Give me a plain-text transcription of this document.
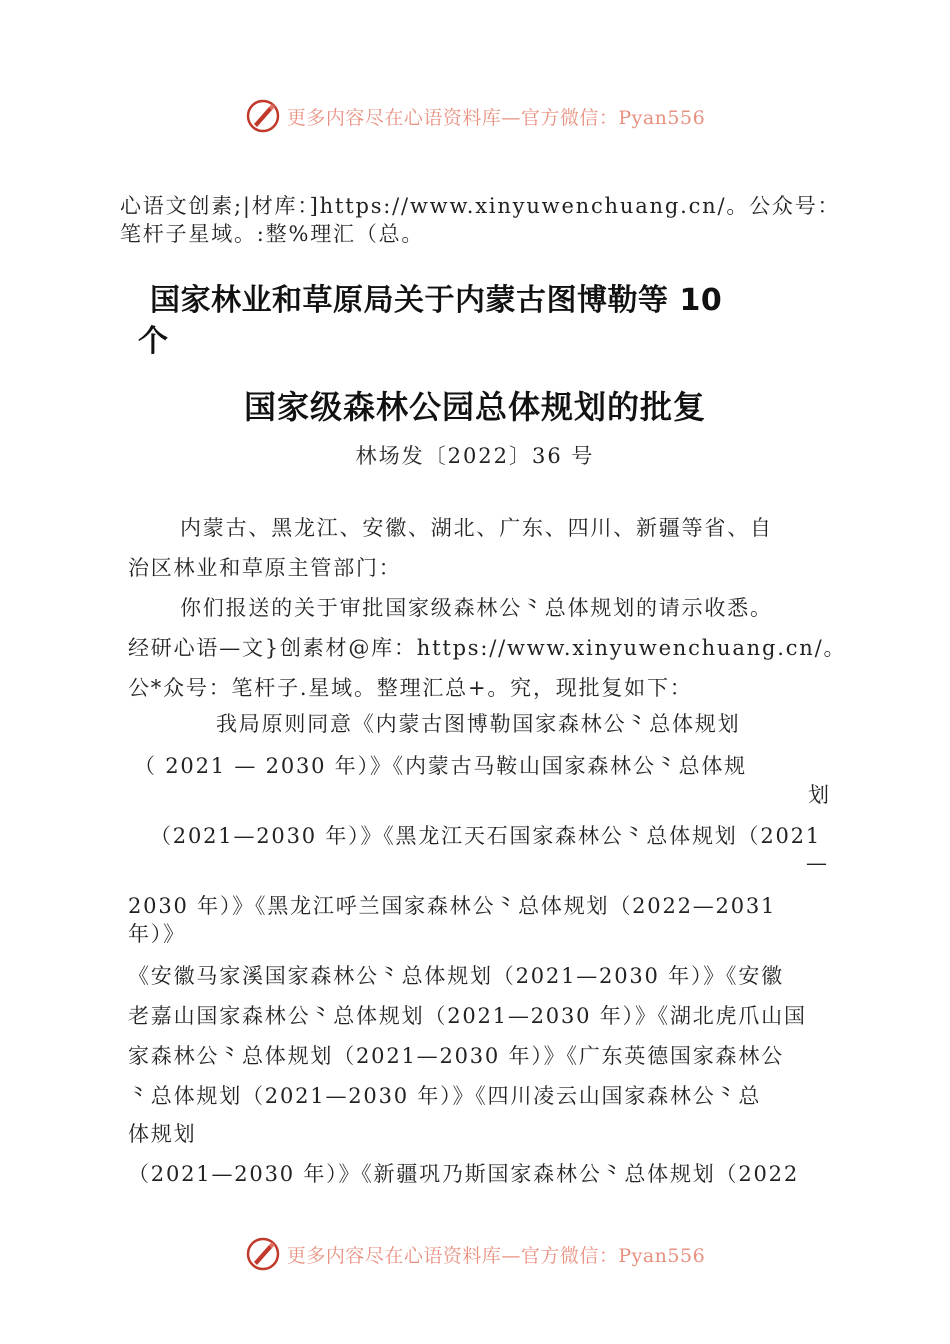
更多内容尽在心语资料库—官方微信：Pyan556
心语文创素;|材库：]https://www.xinyuwenchuang.cn/。公众号：
笔杆子星域。:整%理汇（总。
国家林业和草原局关于内蒙古图博勒等 10
个
国家级森林公园总体规划的批复
林场发〔2022〕36 号
内蒙古、黑龙江、安徽、湖北、广东、四川、新疆等省、自
治区林业和草原主管部门：
你们报送的关于审批国家级森林公⺀总体规划的请示收悉。
经研心语—文}创素材@库：https://www.xinyuwenchuang.cn/。
公*众号：笔杆子.星域。整理汇总+。究，现批复如下：
我局原则同意《内蒙古图博勒国家森林公⺀总体规划
（ 2021 — 2030 年）》《内蒙古马鞍山国家森林公⺀总体规
划
（2021—2030 年）》《黑龙江天石国家森林公⺀总体规划（2021
—
2030 年）》《黑龙江呼兰国家森林公⺀总体规划（2022—2031
年）》
《安徽马家溪国家森林公⺀总体规划（2021—2030 年）》《安徽
老嘉山国家森林公⺀总体规划（2021—2030 年）》《湖北虎爪山国
家森林公⺀总体规划（2021—2030 年）》《广东英德国家森林公
⺀总体规划（2021—2030 年）》《四川凌云山国家森林公⺀总
体规划
（2021—2030 年）》《新疆巩乃斯国家森林公⺀总体规划（2022
更多内容尽在心语资料库—官方微信：Pyan556
